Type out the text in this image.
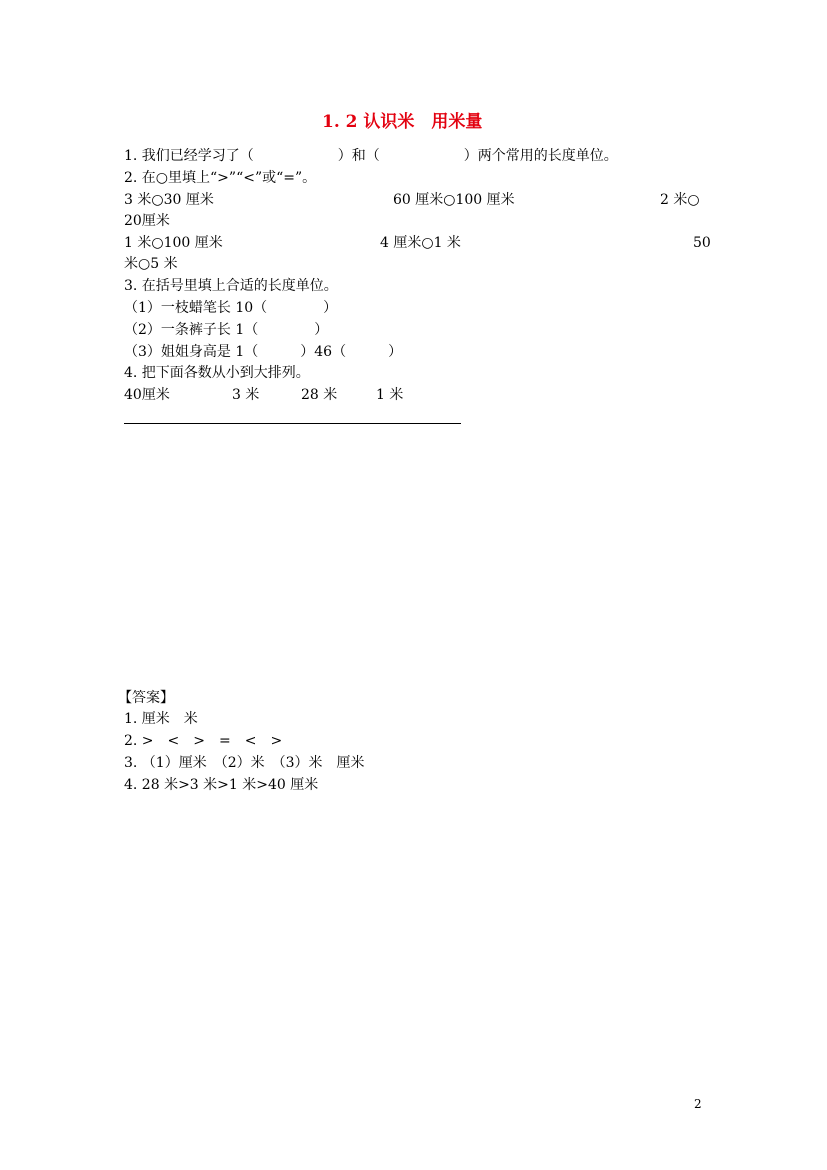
1. 2 认识米　用米量
1. 我们已经学习了（　　　　　　）和（　　　　　　）两个常用的长度单位。
2. 在○里填上“>”“<”或“=”。
3 米○30 厘米	60 厘米○100 厘米	2 米○
20厘米
1 米○100 厘米	4 厘米○1 米	50
米○5 米
3. 在括号里填上合适的长度单位。
（1）一枝蜡笔长 10（　　　　）
（2）一条裤子长 1（　　　　）
（3）姐姐身高是 1（　　　）46（　　　）
4. 把下面各数从小到大排列。
40厘米	3 米	28 米	1 米
【答案】
1. 厘米　米
2. >　<　>　=　<　>
3. （1）厘米　（2）米　（3）米　厘米
4. 28 米>3 米>1 米>40 厘米
2
